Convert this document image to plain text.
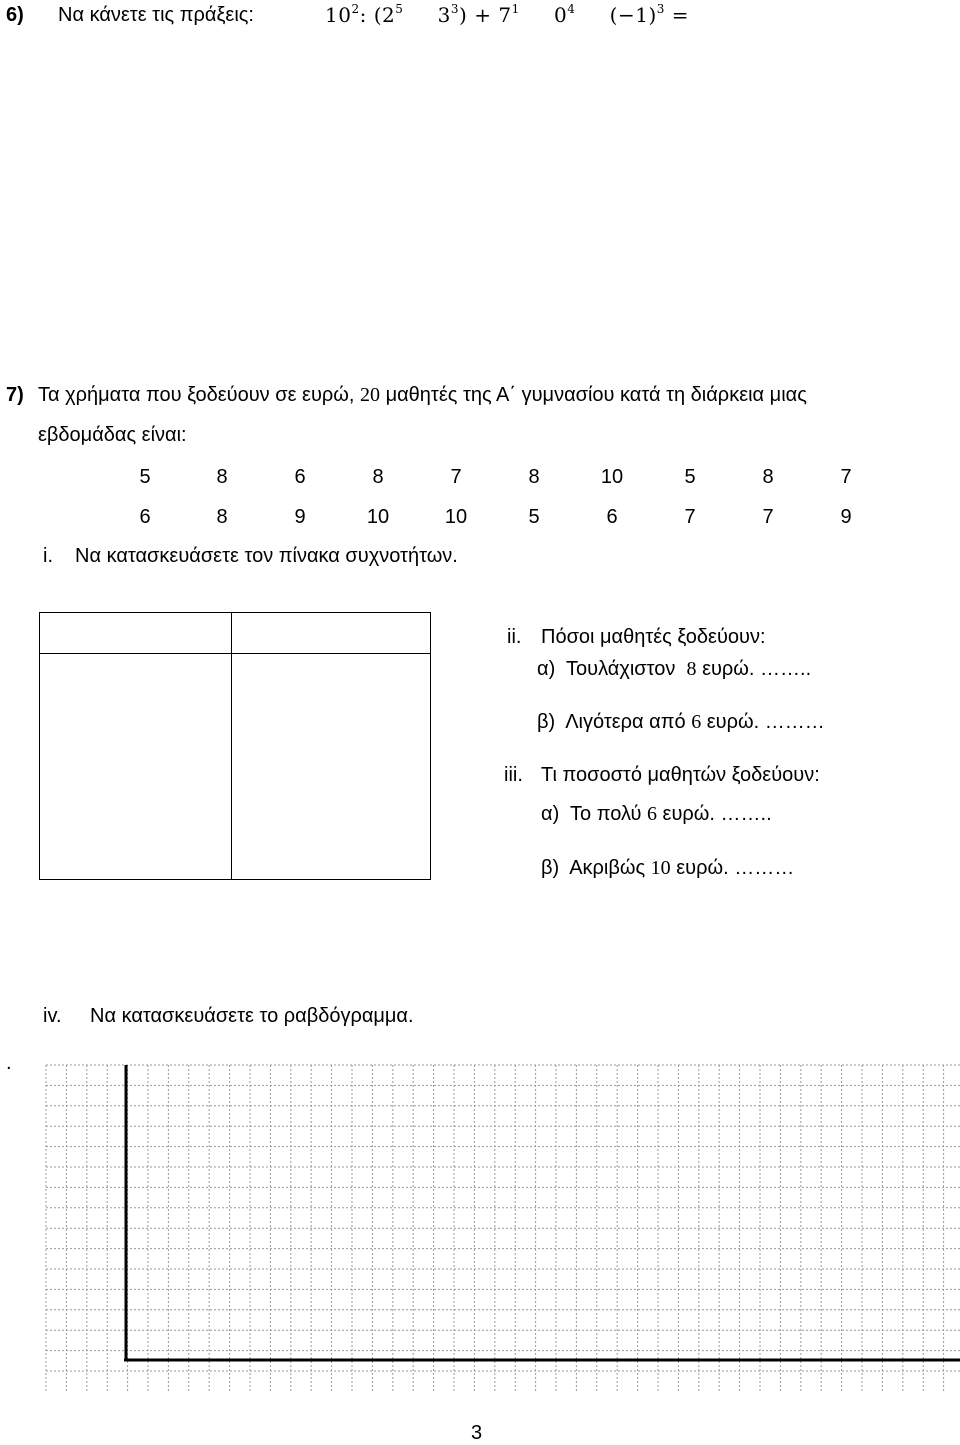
6) Να κάνετε τις πράξεις:	$10^2$: ($2^5$ $3^3) + 7^1$ $0^4$ $(-1)^3$ =
7) Τα χρήματα που ξοδεύουν σε ευρώ, 20 μαθητές της Α΄ γυμνασίου κατά τη διάρκεια μιας
εβδομάδας είναι:
5	8	6	8	7	8	10	5	8	7
6	8	9	10	10	5	6	7	7	9
i. Να κατασκευάσετε τον πίνακα συχνοτήτων.
ii. Πόσοι μαθητές ξοδεύουν:
α) Τουλάχιστον 8 ευρώ. ……..
β) Λιγότερα από 6 ευρώ. ………
iii. Τι ποσοστό μαθητών ξοδεύουν:
α) Το πολύ 6 ευρώ. ……..
β) Ακριβώς 10 ευρώ. ………
iv. Να κατασκευάσετε το ραβδόγραμμα.
.
3
